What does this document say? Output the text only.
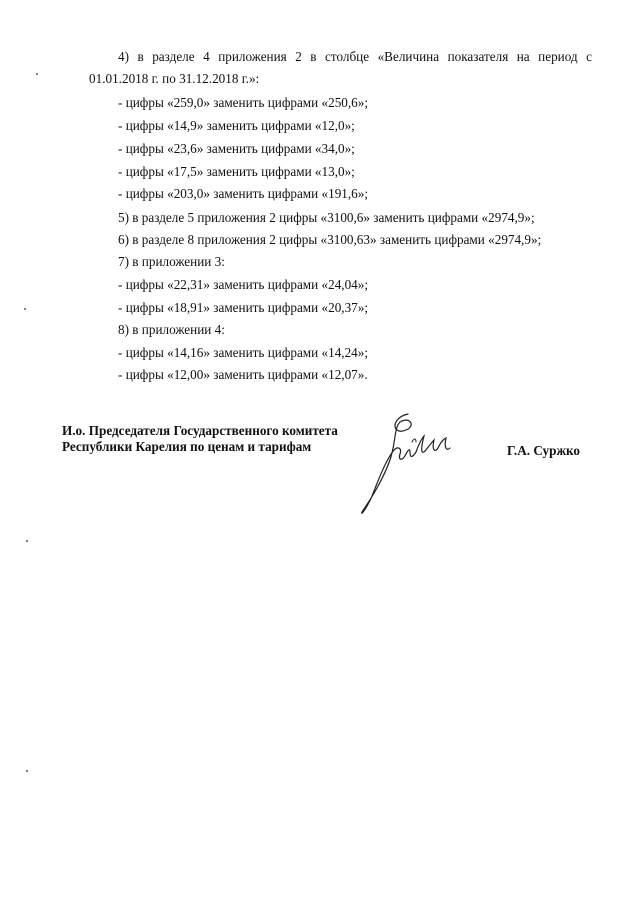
4) в разделе 4 приложения 2 в столбце «Величина показателя на период с
01.01.2018 г. по 31.12.2018 г.»:
- цифры «259,0» заменить цифрами «250,6»;
- цифры «14,9» заменить цифрами «12,0»;
- цифры «23,6» заменить цифрами «34,0»;
- цифры «17,5» заменить цифрами «13,0»;
- цифры «203,0» заменить цифрами «191,6»;
5) в разделе 5 приложения 2 цифры «3100,6» заменить цифрами «2974,9»;
6) в разделе 8 приложения 2 цифры «3100,63» заменить цифрами «2974,9»;
7) в приложении 3:
- цифры «22,31» заменить цифрами «24,04»;
- цифры «18,91» заменить цифрами «20,37»;
8) в приложении 4:
- цифры «14,16» заменить цифрами «14,24»;
- цифры «12,00» заменить цифрами «12,07».
И.о. Председателя Государственного комитета
Республики Карелия по ценам и тарифам	Г.А. Суржко
